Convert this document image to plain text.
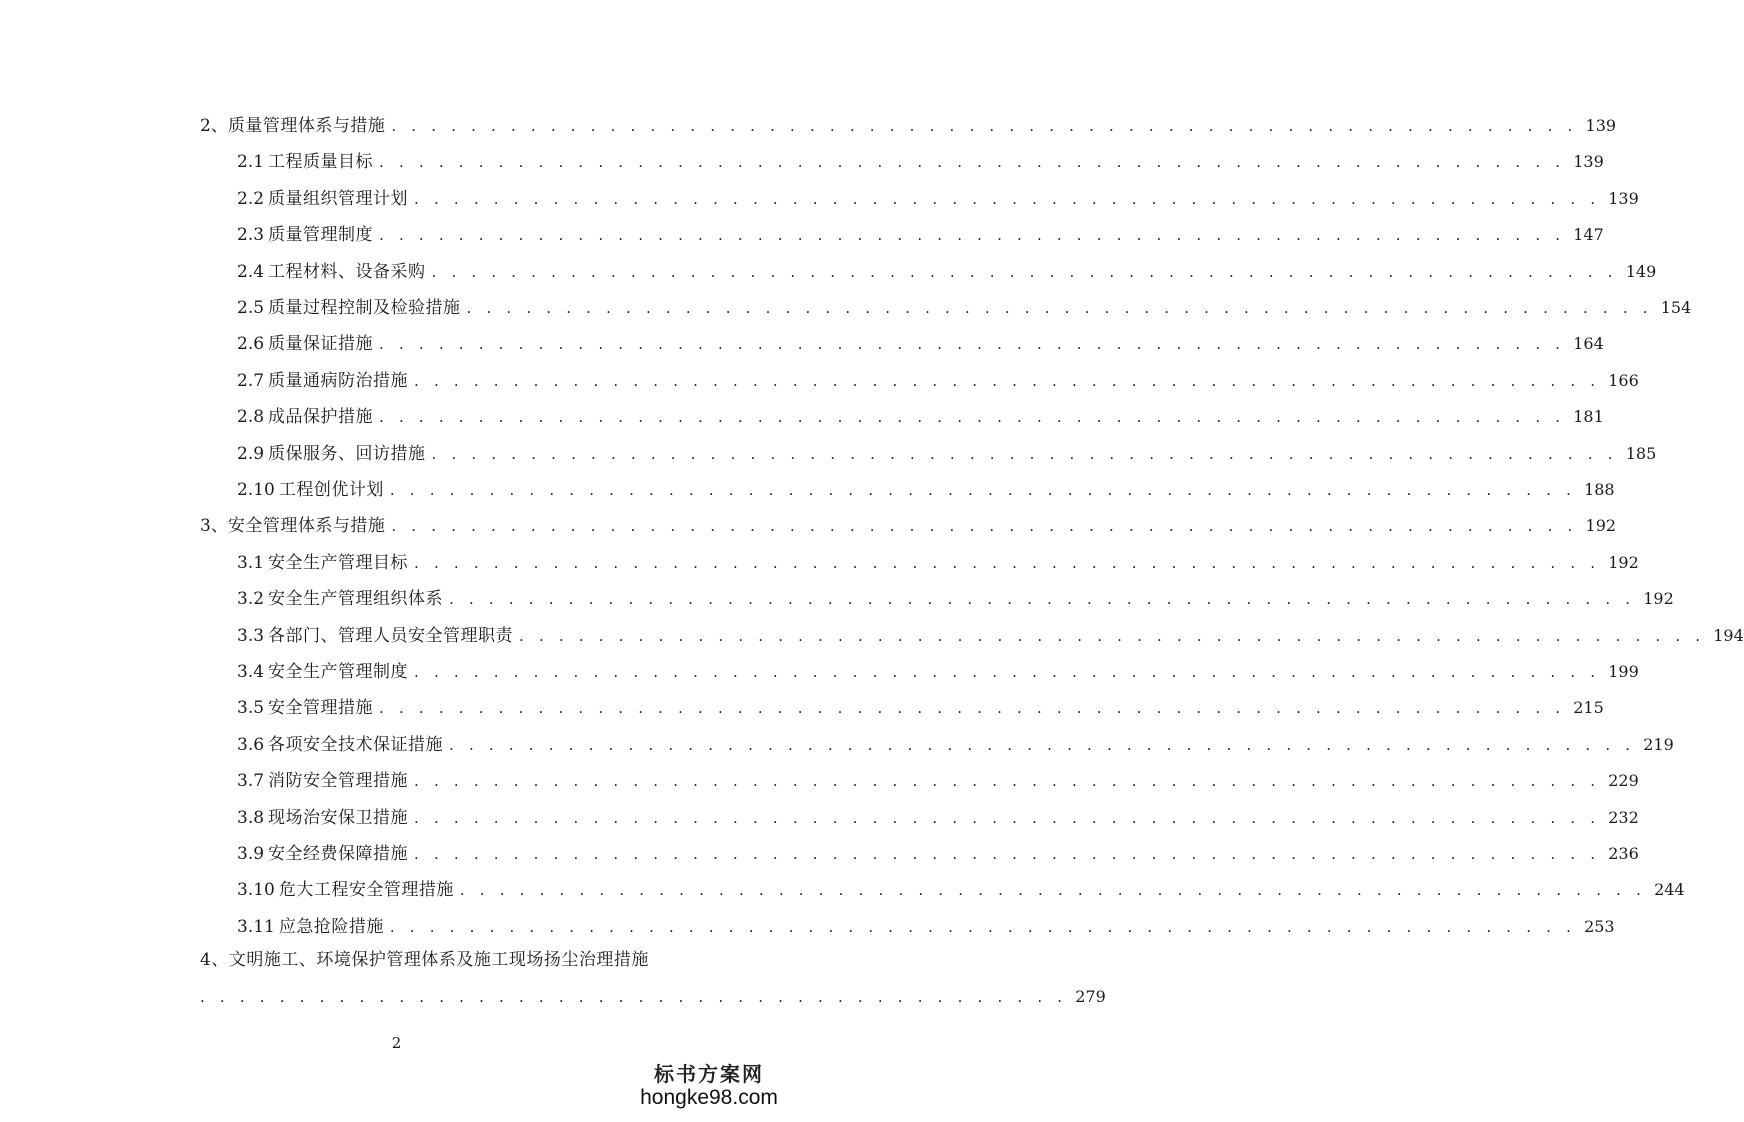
2、 质量管理体系与措施 . . . . . . . . . . . . . . . . . . . . . . . . . . . . . . . . . . . . . . . . . . . . . . . . . . . . . . . . . . . . 139
2.1 工程质量目标 . . . . . . . . . . . . . . . . . . . . . . . . . . . . . . . . . . . . . . . . . . . . . . . . . . . . . . . . . . . . 139
2.2 质量组织管理计划 . . . . . . . . . . . . . . . . . . . . . . . . . . . . . . . . . . . . . . . . . . . . . . . . . . . . . . . . . . . . 139
2.3 质量管理制度 . . . . . . . . . . . . . . . . . . . . . . . . . . . . . . . . . . . . . . . . . . . . . . . . . . . . . . . . . . . . 147
2.4 工程材料、设备采购 . . . . . . . . . . . . . . . . . . . . . . . . . . . . . . . . . . . . . . . . . . . . . . . . . . . . . . . . . . . . 149
2.5 质量过程控制及检验措施 . . . . . . . . . . . . . . . . . . . . . . . . . . . . . . . . . . . . . . . . . . . . . . . . . . . . . . . . . . . . 154
2.6 质量保证措施 . . . . . . . . . . . . . . . . . . . . . . . . . . . . . . . . . . . . . . . . . . . . . . . . . . . . . . . . . . . . 164
2.7 质量通病防治措施 . . . . . . . . . . . . . . . . . . . . . . . . . . . . . . . . . . . . . . . . . . . . . . . . . . . . . . . . . . . . 166
2.8 成品保护措施 . . . . . . . . . . . . . . . . . . . . . . . . . . . . . . . . . . . . . . . . . . . . . . . . . . . . . . . . . . . . 181
2.9 质保服务、回访措施 . . . . . . . . . . . . . . . . . . . . . . . . . . . . . . . . . . . . . . . . . . . . . . . . . . . . . . . . . . . . 185
2.10 工程创优计划 . . . . . . . . . . . . . . . . . . . . . . . . . . . . . . . . . . . . . . . . . . . . . . . . . . . . . . . . . . . . 188
3、 安全管理体系与措施 . . . . . . . . . . . . . . . . . . . . . . . . . . . . . . . . . . . . . . . . . . . . . . . . . . . . . . . . . . . . 192
3.1 安全生产管理目标 . . . . . . . . . . . . . . . . . . . . . . . . . . . . . . . . . . . . . . . . . . . . . . . . . . . . . . . . . . . . 192
3.2 安全生产管理组织体系 . . . . . . . . . . . . . . . . . . . . . . . . . . . . . . . . . . . . . . . . . . . . . . . . . . . . . . . . . . . . 192
3.3 各部门、管理人员安全管理职责 . . . . . . . . . . . . . . . . . . . . . . . . . . . . . . . . . . . . . . . . . . . . . . . . . . . . . . . . . . . . 194
3.4 安全生产管理制度 . . . . . . . . . . . . . . . . . . . . . . . . . . . . . . . . . . . . . . . . . . . . . . . . . . . . . . . . . . . . 199
3.5 安全管理措施 . . . . . . . . . . . . . . . . . . . . . . . . . . . . . . . . . . . . . . . . . . . . . . . . . . . . . . . . . . . . 215
3.6 各项安全技术保证措施 . . . . . . . . . . . . . . . . . . . . . . . . . . . . . . . . . . . . . . . . . . . . . . . . . . . . . . . . . . . . 219
3.7 消防安全管理措施 . . . . . . . . . . . . . . . . . . . . . . . . . . . . . . . . . . . . . . . . . . . . . . . . . . . . . . . . . . . . 229
3.8 现场治安保卫措施 . . . . . . . . . . . . . . . . . . . . . . . . . . . . . . . . . . . . . . . . . . . . . . . . . . . . . . . . . . . . 232
3.9 安全经费保障措施 . . . . . . . . . . . . . . . . . . . . . . . . . . . . . . . . . . . . . . . . . . . . . . . . . . . . . . . . . . . . 236
3.10 危大工程安全管理措施 . . . . . . . . . . . . . . . . . . . . . . . . . . . . . . . . . . . . . . . . . . . . . . . . . . . . . . . . . . . . 244
3.11 应急抢险措施 . . . . . . . . . . . . . . . . . . . . . . . . . . . . . . . . . . . . . . . . . . . . . . . . . . . . . . . . . . . . 253
4、文明施工、环境保护管理体系及施工现场扬尘治理措施
. . . . . . . . . . . . . . . . . . . . . . . . . . . . . . . . . . . . . . . . . . . . 279
2
标书方案网
hongke98.com
